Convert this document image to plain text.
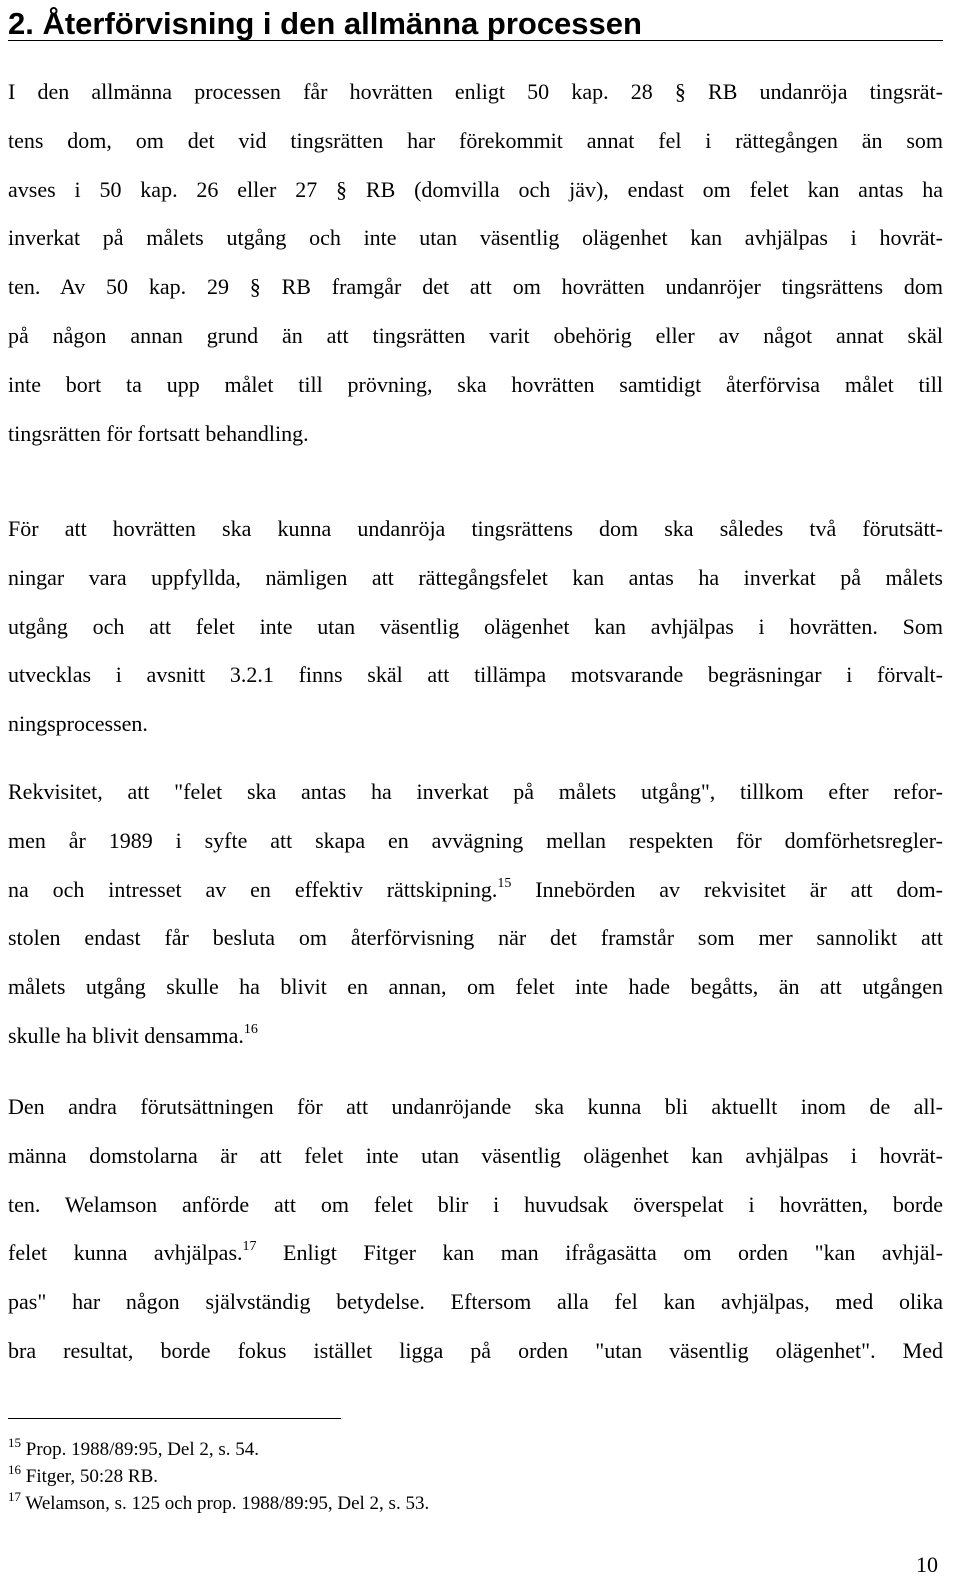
2. Återförvisning i den allmänna processen
I den allmänna processen får hovrätten enligt 50 kap. 28 § RB undanröja tingsrät-
tens dom, om det vid tingsrätten har förekommit annat fel i rättegången än som
avses i 50 kap. 26 eller 27 § RB (domvilla och jäv), endast om felet kan antas ha
inverkat på målets utgång och inte utan väsentlig olägenhet kan avhjälpas i hovrät-
ten. Av 50 kap. 29 § RB framgår det att om hovrätten undanröjer tingsrättens dom
på någon annan grund än att tingsrätten varit obehörig eller av något annat skäl
inte bort ta upp målet till prövning, ska hovrätten samtidigt återförvisa målet till
tingsrätten för fortsatt behandling.
För att hovrätten ska kunna undanröja tingsrättens dom ska således två förutsätt-
ningar vara uppfyllda, nämligen att rättegångsfelet kan antas ha inverkat på målets
utgång och att felet inte utan väsentlig olägenhet kan avhjälpas i hovrätten. Som
utvecklas i avsnitt 3.2.1 finns skäl att tillämpa motsvarande begräsningar i förvalt-
ningsprocessen.
Rekvisitet, att "felet ska antas ha inverkat på målets utgång", tillkom efter refor-
men år 1989 i syfte att skapa en avvägning mellan respekten för domförhetsregler-
na och intresset av en effektiv rättskipning.$^{15}$ Innebörden av rekvisitet är att dom-
stolen endast får besluta om återförvisning när det framstår som mer sannolikt att
målets utgång skulle ha blivit en annan, om felet inte hade begåtts, än att utgången
skulle ha blivit densamma.$^{16}$
Den andra förutsättningen för att undanröjande ska kunna bli aktuellt inom de all-
männa domstolarna är att felet inte utan väsentlig olägenhet kan avhjälpas i hovrät-
ten. Welamson anförde att om felet blir i huvudsak överspelat i hovrätten, borde
felet kunna avhjälpas.$^{17}$ Enligt Fitger kan man ifrågasätta om orden "kan avhjäl-
pas" har någon självständig betydelse. Eftersom alla fel kan avhjälpas, med olika
bra resultat, borde fokus istället ligga på orden "utan väsentlig olägenhet". Med
$^{15}$ Prop. 1988/89:95, Del 2, s. 54.
$^{16}$ Fitger, 50:28 RB.
$^{17}$ Welamson, s. 125 och prop. 1988/89:95, Del 2, s. 53.
10
